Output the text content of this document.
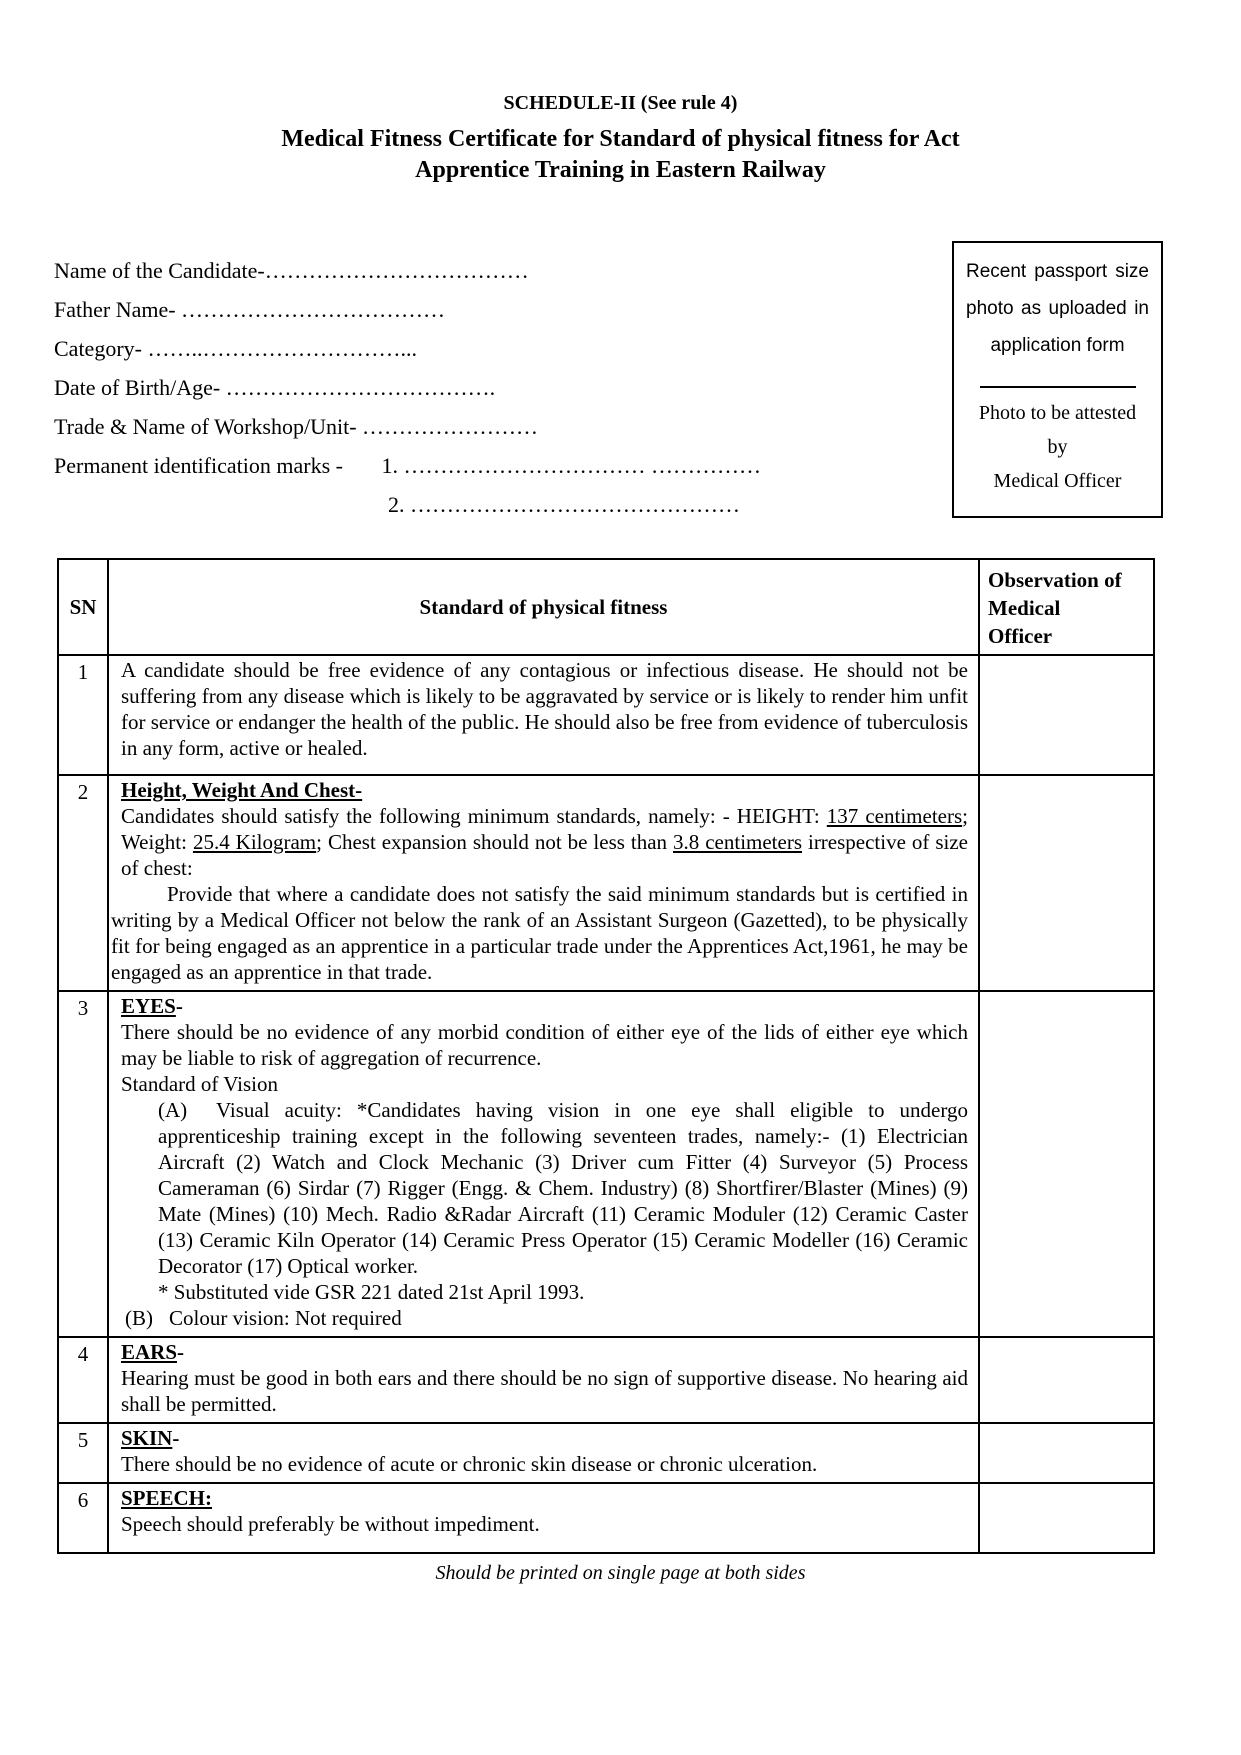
SCHEDULE-II (See rule 4)
Medical Fitness Certificate for Standard of physical fitness for Act
Apprentice Training in Eastern Railway
Name of the Candidate-………………………………
Father Name- ………………………………
Category- ……..………………………...
Date of Birth/Age- ……………………………….
Trade & Name of Workshop/Unit- ……………………
Permanent identification marks - 1. …………………………… ……………
2. ………………………………………
Recent passport size photo as uploaded in application form
Photo to be attested
by
Medical Officer
SN	Standard of physical fitness	Observation of
Medical
Officer

1	A candidate should be free evidence of any contagious or infectious disease. He should not be suffering from any disease which is likely to be aggravated by service or is likely to render him unfit for service or endanger the health of the public. He should also be free from evidence of tuberculosis in any form, active or healed.	

2	Height, Weight And Chest-

Candidates should satisfy the following minimum standards, namely: - HEIGHT: 137 centimeters; Weight: 25.4 Kilogram; Chest expansion should not be less than 3.8 centimeters irrespective of size of chest:

Provide that where a candidate does not satisfy the said minimum standards but is certified in writing by a Medical Officer not below the rank of an Assistant Surgeon (Gazetted), to be physically fit for being engaged as an apprentice in a particular trade under the Apprentices Act,1961, he may be engaged as an apprentice in that trade.	

3	EYES-

There should be no evidence of any morbid condition of either eye of the lids of either eye which may be liable to risk of aggregation of recurrence.

Standard of Vision

(A) Visual acuity: *Candidates having vision in one eye shall eligible to undergo apprenticeship training except in the following seventeen trades, namely:- (1) Electrician Aircraft (2) Watch and Clock Mechanic (3) Driver cum Fitter (4) Surveyor (5) Process Cameraman (6) Sirdar (7) Rigger (Engg. & Chem. Industry) (8) Shortfirer/Blaster (Mines) (9) Mate (Mines) (10) Mech. Radio &Radar Aircraft (11) Ceramic Moduler (12) Ceramic Caster (13) Ceramic Kiln Operator (14) Ceramic Press Operator (15) Ceramic Modeller (16) Ceramic Decorator (17) Optical worker.

* Substituted vide GSR 221 dated 21st April 1993.
(B) Colour vision: Not required

4	EARS-

Hearing must be good in both ears and there should be no sign of supportive disease. No hearing aid shall be permitted.	

5	SKIN-

There should be no evidence of acute or chronic skin disease or chronic ulceration.	

6	SPEECH:

Speech should preferably be without impediment.	

Should be printed on single page at both sides
